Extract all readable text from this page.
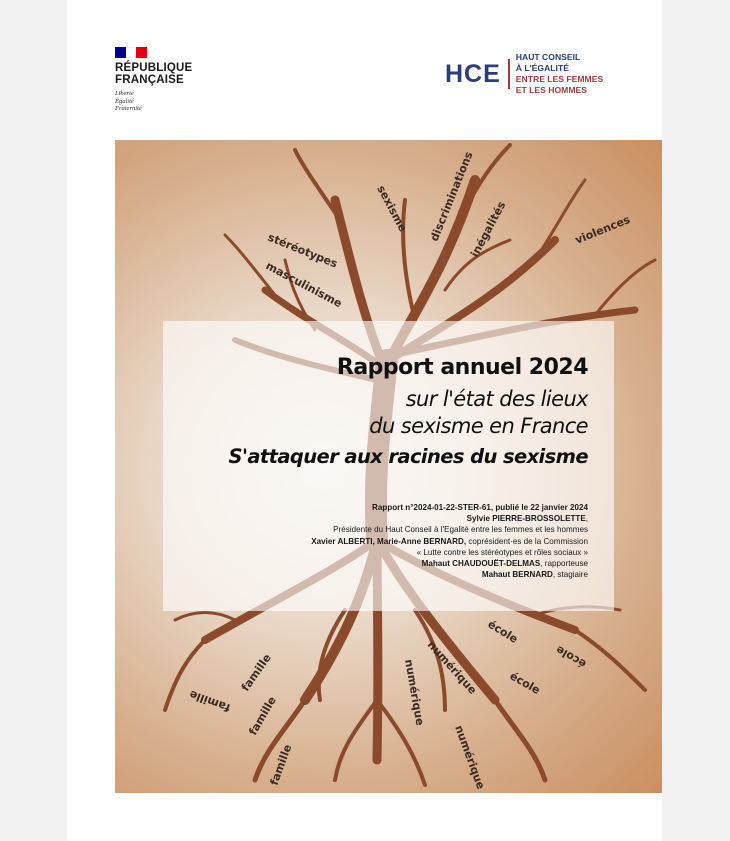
RÉPUBLIQUE
FRANÇAISE
Liberté
Égalité
Fraternité
HCE
HAUT CONSEIL
À L'ÉGALITÉ
ENTRE LES FEMMES
ET LES HOMMES
stéréotypes
masculinisme
sexisme discriminations
inégalités	violences
famille
famille famille
famille
numérique
numérique
numérique
école
école
école
Rapport annuel 2024
sur l'état des lieux
du sexisme en France
S'attaquer aux racines du sexisme
Rapport n°2024-01-22-STER-61, publié le 22 janvier 2024
Sylvie PIERRE-BROSSOLETTE,
Présidente du Haut Conseil à l'Egalité entre les femmes et les hommes
Xavier ALBERTI, Marie-Anne BERNARD, coprésident·es de la Commission
« Lutte contre les stéréotypes et rôles sociaux »
Mahaut CHAUDOUËT-DELMAS, rapporteuse
Mahaut BERNARD, stagiaire
